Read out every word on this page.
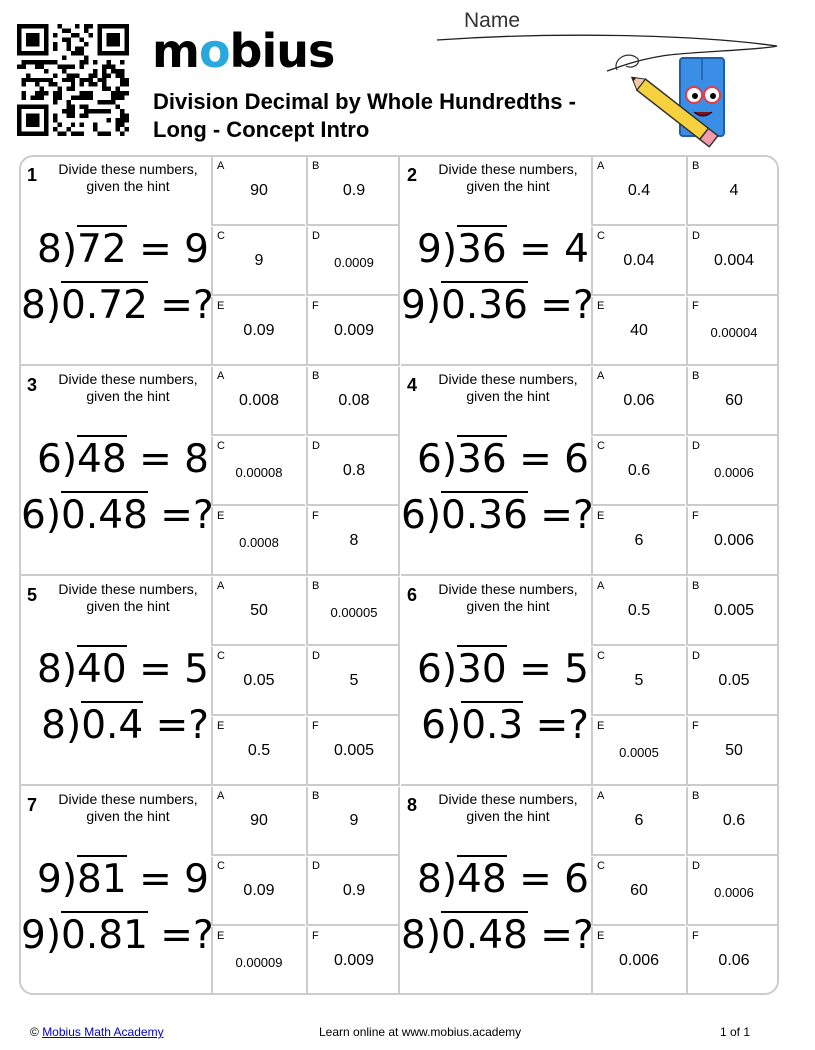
mobius
Division Decimal by Whole Hundredths -
Long - Concept Intro
Name
1	Divide these numbers, given the hint
8)72 = 9
8)0.72 =?
A
90
B
0.9
C
9
D
0.0009
E
0.09
F
0.009
2	Divide these numbers, given the hint
9)36 = 4
9)0.36 =?
A
0.4
B
4
C
0.04
D
0.004
E
40
F
0.00004
3	Divide these numbers, given the hint
6)48 = 8
6)0.48 =?
A
0.008
B
0.08
C
0.00008
D
0.8
E
0.0008
F
8
4	Divide these numbers, given the hint
6)36 = 6
6)0.36 =?
A
0.06
B
60
C
0.6
D
0.0006
E
6
F
0.006
5	Divide these numbers, given the hint
8)40 = 5
8)0.4 =?
A
50
B
0.00005
C
0.05
D
5
E
0.5
F
0.005
6	Divide these numbers, given the hint
6)30 = 5
6)0.3 =?
A
0.5
B
0.005
C
5
D
0.05
E
0.0005
F
50
7	Divide these numbers, given the hint
9)81 = 9
9)0.81 =?
A
90
B
9
C
0.09
D
0.9
E
0.00009
F
0.009
8	Divide these numbers, given the hint
8)48 = 6
8)0.48 =?
A
6
B
0.6
C
60
D
0.0006
E
0.006
F
0.06
© Mobius Math Academy	Learn online at www.mobius.academy	1 of 1
